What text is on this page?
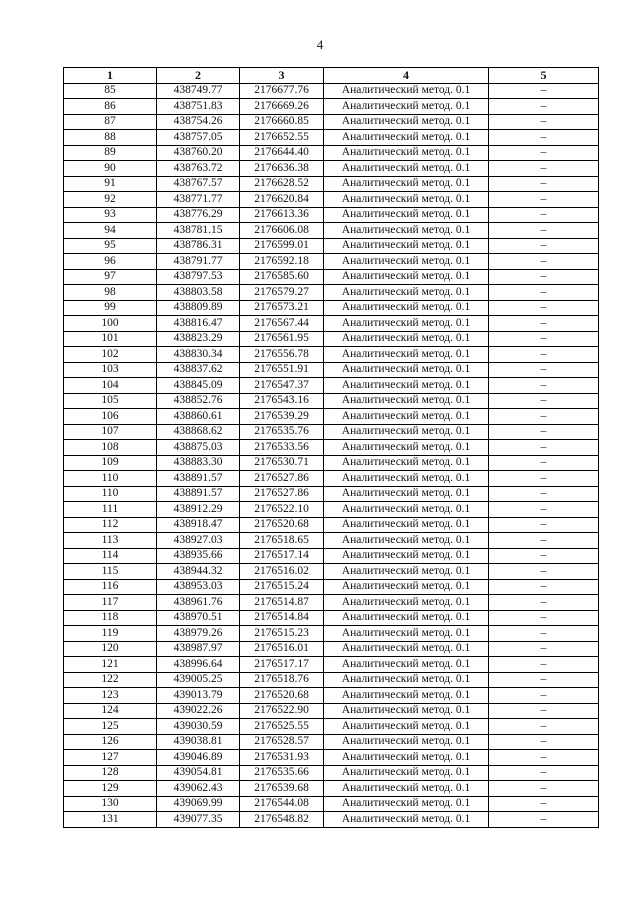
4
1	2	3	4	5
85	438749.77	2176677.76	Аналитический метод. 0.1	–
86	438751.83	2176669.26	Аналитический метод. 0.1	–
87	438754.26	2176660.85	Аналитический метод. 0.1	–
88	438757.05	2176652.55	Аналитический метод. 0.1	–
89	438760.20	2176644.40	Аналитический метод. 0.1	–
90	438763.72	2176636.38	Аналитический метод. 0.1	–
91	438767.57	2176628.52	Аналитический метод. 0.1	–
92	438771.77	2176620.84	Аналитический метод. 0.1	–
93	438776.29	2176613.36	Аналитический метод. 0.1	–
94	438781.15	2176606.08	Аналитический метод. 0.1	–
95	438786.31	2176599.01	Аналитический метод. 0.1	–
96	438791.77	2176592.18	Аналитический метод. 0.1	–
97	438797.53	2176585.60	Аналитический метод. 0.1	–
98	438803.58	2176579.27	Аналитический метод. 0.1	–
99	438809.89	2176573.21	Аналитический метод. 0.1	–
100	438816.47	2176567.44	Аналитический метод. 0.1	–
101	438823.29	2176561.95	Аналитический метод. 0.1	–
102	438830.34	2176556.78	Аналитический метод. 0.1	–
103	438837.62	2176551.91	Аналитический метод. 0.1	–
104	438845.09	2176547.37	Аналитический метод. 0.1	–
105	438852.76	2176543.16	Аналитический метод. 0.1	–
106	438860.61	2176539.29	Аналитический метод. 0.1	–
107	438868.62	2176535.76	Аналитический метод. 0.1	–
108	438875.03	2176533.56	Аналитический метод. 0.1	–
109	438883.30	2176530.71	Аналитический метод. 0.1	–
110	438891.57	2176527.86	Аналитический метод. 0.1	–
110	438891.57	2176527.86	Аналитический метод. 0.1	–
111	438912.29	2176522.10	Аналитический метод. 0.1	–
112	438918.47	2176520.68	Аналитический метод. 0.1	–
113	438927.03	2176518.65	Аналитический метод. 0.1	–
114	438935.66	2176517.14	Аналитический метод. 0.1	–
115	438944.32	2176516.02	Аналитический метод. 0.1	–
116	438953.03	2176515.24	Аналитический метод. 0.1	–
117	438961.76	2176514.87	Аналитический метод. 0.1	–
118	438970.51	2176514.84	Аналитический метод. 0.1	–
119	438979.26	2176515.23	Аналитический метод. 0.1	–
120	438987.97	2176516.01	Аналитический метод. 0.1	–
121	438996.64	2176517.17	Аналитический метод. 0.1	–
122	439005.25	2176518.76	Аналитический метод. 0.1	–
123	439013.79	2176520.68	Аналитический метод. 0.1	–
124	439022.26	2176522.90	Аналитический метод. 0.1	–
125	439030.59	2176525.55	Аналитический метод. 0.1	–
126	439038.81	2176528.57	Аналитический метод. 0.1	–
127	439046.89	2176531.93	Аналитический метод. 0.1	–
128	439054.81	2176535.66	Аналитический метод. 0.1	–
129	439062.43	2176539.68	Аналитический метод. 0.1	–
130	439069.99	2176544.08	Аналитический метод. 0.1	–
131	439077.35	2176548.82	Аналитический метод. 0.1	–
